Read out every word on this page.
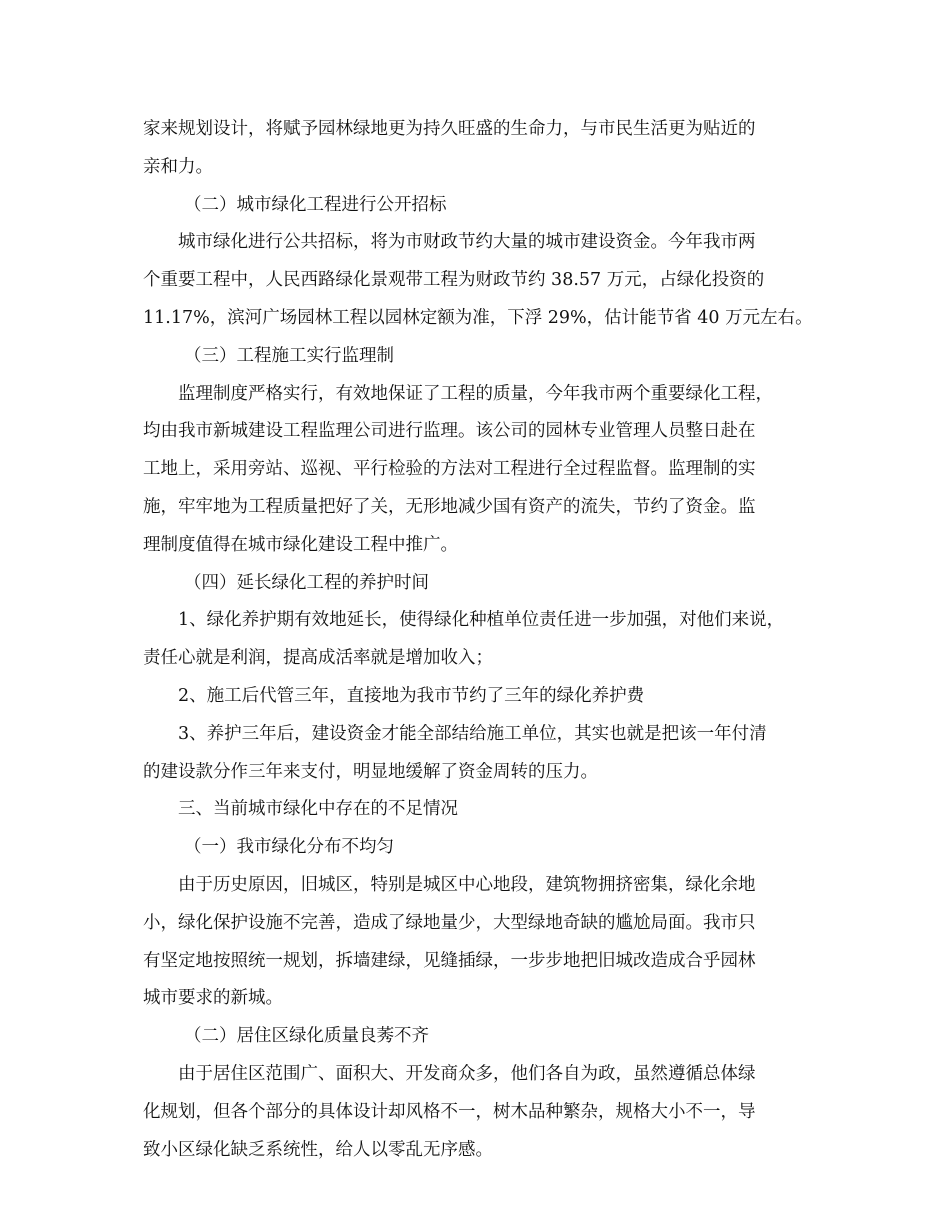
家来规划设计，将赋予园林绿地更为持久旺盛的生命力，与市民生活更为贴近的
亲和力。
（二）城市绿化工程进行公开招标
城市绿化进行公共招标，将为市财政节约大量的城市建设资金。今年我市两
个重要工程中，人民西路绿化景观带工程为财政节约 38.57 万元，占绿化投资的
11.17%，滨河广场园林工程以园林定额为准，下浮 29%，估计能节省 40 万元左右。
（三）工程施工实行监理制
监理制度严格实行，有效地保证了工程的质量，今年我市两个重要绿化工程，
均由我市新城建设工程监理公司进行监理。该公司的园林专业管理人员整日赴在
工地上，采用旁站、巡视、平行检验的方法对工程进行全过程监督。监理制的实
施，牢牢地为工程质量把好了关，无形地减少国有资产的流失，节约了资金。监
理制度值得在城市绿化建设工程中推广。
（四）延长绿化工程的养护时间
1、绿化养护期有效地延长，使得绿化种植单位责任进一步加强，对他们来说，
责任心就是利润，提高成活率就是增加收入；
2、施工后代管三年，直接地为我市节约了三年的绿化养护费
3、养护三年后，建设资金才能全部结给施工单位，其实也就是把该一年付清
的建设款分作三年来支付，明显地缓解了资金周转的压力。
三、当前城市绿化中存在的不足情况
（一）我市绿化分布不均匀
由于历史原因，旧城区，特别是城区中心地段，建筑物拥挤密集，绿化余地
小，绿化保护设施不完善，造成了绿地量少，大型绿地奇缺的尴尬局面。我市只
有坚定地按照统一规划，拆墙建绿，见缝插绿，一步步地把旧城改造成合乎园林
城市要求的新城。
（二）居住区绿化质量良莠不齐
由于居住区范围广、面积大、开发商众多，他们各自为政，虽然遵循总体绿
化规划，但各个部分的具体设计却风格不一，树木品种繁杂，规格大小不一，导
致小区绿化缺乏系统性，给人以零乱无序感。
